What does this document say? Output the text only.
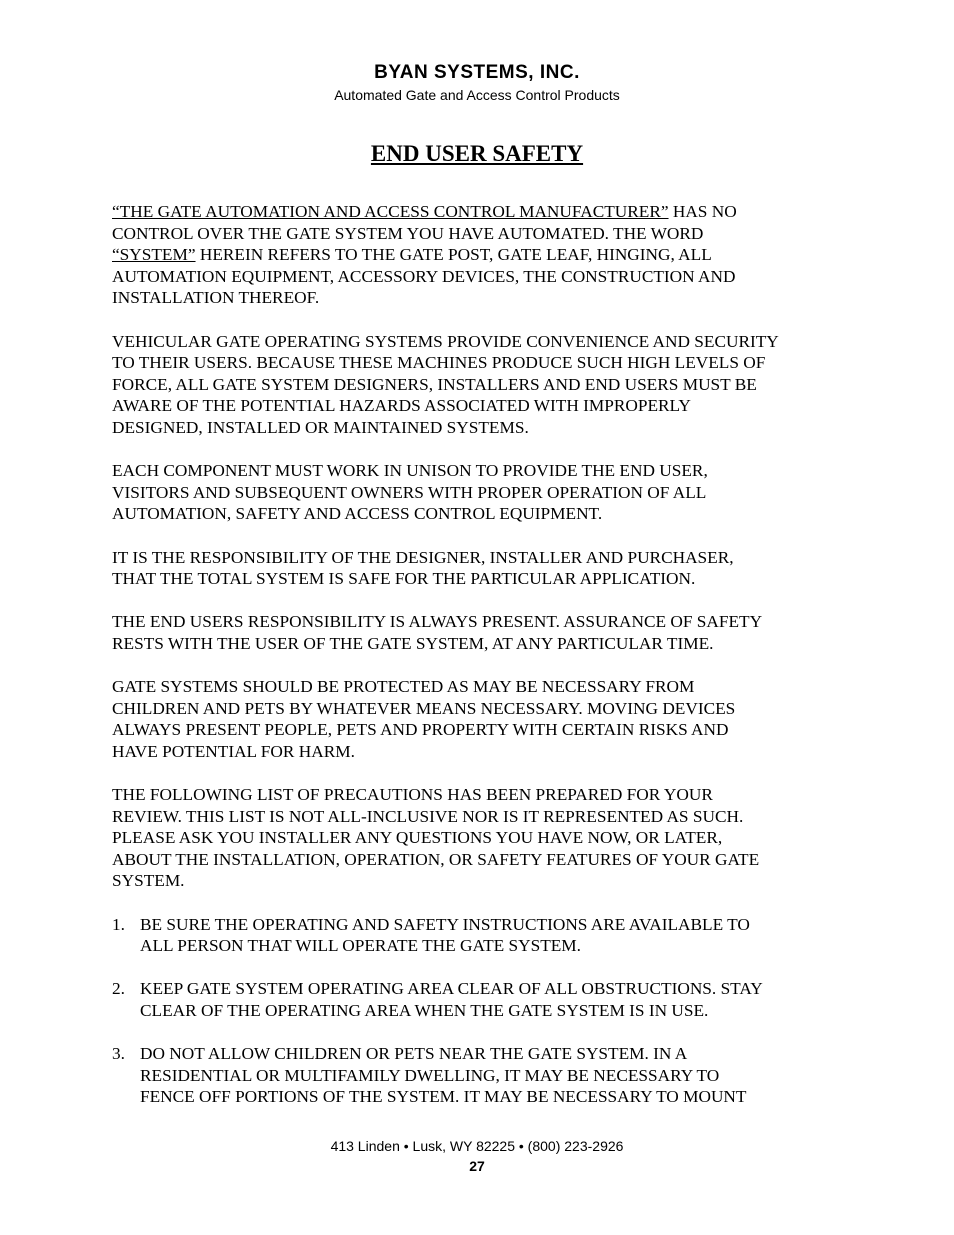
BYAN SYSTEMS, INC.
Automated Gate and Access Control Products
END USER SAFETY

“THE GATE AUTOMATION AND ACCESS CONTROL MANUFACTURER” HAS NO
CONTROL OVER THE GATE SYSTEM YOU HAVE AUTOMATED. THE WORD
“SYSTEM” HEREIN REFERS TO THE GATE POST, GATE LEAF, HINGING, ALL
AUTOMATION EQUIPMENT, ACCESSORY DEVICES, THE CONSTRUCTION AND
INSTALLATION THEREOF.

VEHICULAR GATE OPERATING SYSTEMS PROVIDE CONVENIENCE AND SECURITY
TO THEIR USERS. BECAUSE THESE MACHINES PRODUCE SUCH HIGH LEVELS OF
FORCE, ALL GATE SYSTEM DESIGNERS, INSTALLERS AND END USERS MUST BE
AWARE OF THE POTENTIAL HAZARDS ASSOCIATED WITH IMPROPERLY
DESIGNED, INSTALLED OR MAINTAINED SYSTEMS.

EACH COMPONENT MUST WORK IN UNISON TO PROVIDE THE END USER,
VISITORS AND SUBSEQUENT OWNERS WITH PROPER OPERATION OF ALL
AUTOMATION, SAFETY AND ACCESS CONTROL EQUIPMENT.

IT IS THE RESPONSIBILITY OF THE DESIGNER, INSTALLER AND PURCHASER,
THAT THE TOTAL SYSTEM IS SAFE FOR THE PARTICULAR APPLICATION.

THE END USERS RESPONSIBILITY IS ALWAYS PRESENT. ASSURANCE OF SAFETY
RESTS WITH THE USER OF THE GATE SYSTEM, AT ANY PARTICULAR TIME.

GATE SYSTEMS SHOULD BE PROTECTED AS MAY BE NECESSARY FROM
CHILDREN AND PETS BY WHATEVER MEANS NECESSARY. MOVING DEVICES
ALWAYS PRESENT PEOPLE, PETS AND PROPERTY WITH CERTAIN RISKS AND
HAVE POTENTIAL FOR HARM.

THE FOLLOWING LIST OF PRECAUTIONS HAS BEEN PREPARED FOR YOUR
REVIEW. THIS LIST IS NOT ALL-INCLUSIVE NOR IS IT REPRESENTED AS SUCH.
PLEASE ASK YOU INSTALLER ANY QUESTIONS YOU HAVE NOW, OR LATER,
ABOUT THE INSTALLATION, OPERATION, OR SAFETY FEATURES OF YOUR GATE
SYSTEM.

1. BE SURE THE OPERATING AND SAFETY INSTRUCTIONS ARE AVAILABLE TO
ALL PERSON THAT WILL OPERATE THE GATE SYSTEM.
2. KEEP GATE SYSTEM OPERATING AREA CLEAR OF ALL OBSTRUCTIONS. STAY
CLEAR OF THE OPERATING AREA WHEN THE GATE SYSTEM IS IN USE.
3. DO NOT ALLOW CHILDREN OR PETS NEAR THE GATE SYSTEM. IN A
RESIDENTIAL OR MULTIFAMILY DWELLING, IT MAY BE NECESSARY TO
FENCE OFF PORTIONS OF THE SYSTEM. IT MAY BE NECESSARY TO MOUNT
413 Linden • Lusk, WY 82225 • (800) 223-2926
27
